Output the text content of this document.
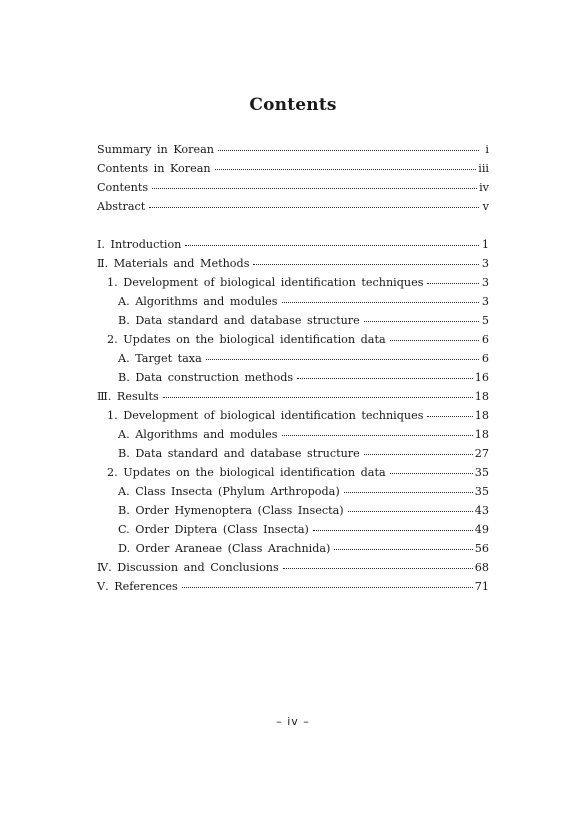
Contents
Summary in Korean	i
Contents in Korean	iii
Contents	iv
Abstract	v
Ⅰ. Introduction	1
Ⅱ. Materials and Methods	3
1. Development of biological identification techniques	3
A. Algorithms and modules	3
B. Data standard and database structure	5
2. Updates on the biological identification data	6
A. Target taxa	6
B. Data construction methods	16
Ⅲ. Results	18
1. Development of biological identification techniques	18
A. Algorithms and modules	18
B. Data standard and database structure	27
2. Updates on the biological identification data	35
A. Class Insecta (Phylum Arthropoda)	35
B. Order Hymenoptera (Class Insecta)	43
C. Order Diptera (Class Insecta)	49
D. Order Araneae (Class Arachnida)	56
Ⅳ. Discussion and Conclusions	68
Ⅴ. References	71
– iv –
